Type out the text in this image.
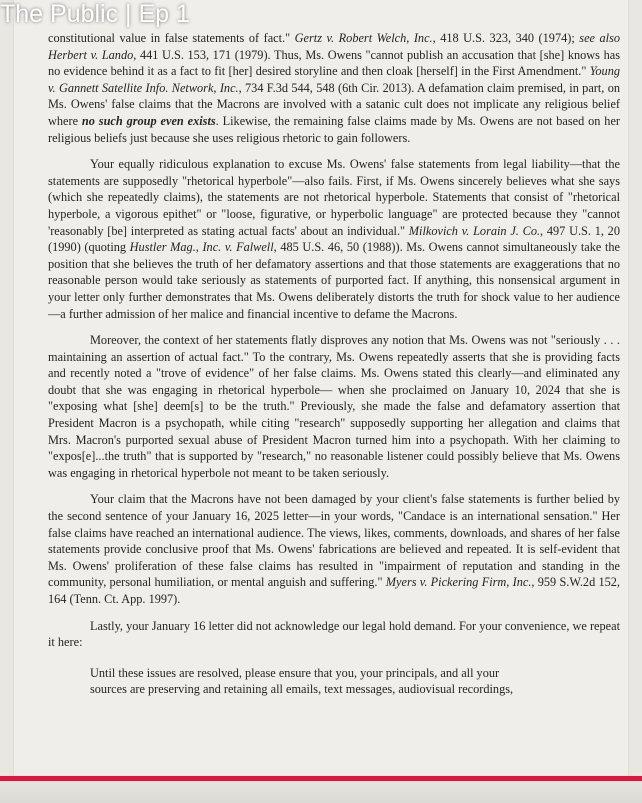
constitutional value in false statements of fact." Gertz v. Robert Welch, Inc., 418 U.S. 323, 340 (1974); see also Herbert v. Lando, 441 U.S. 153, 171 (1979). Thus, Ms. Owens "cannot publish an accusation that [she] knows has no evidence behind it as a fact to fit [her] desired storyline and then cloak [herself] in the First Amendment." Young v. Gannett Satellite Info. Network, Inc., 734 F.3d 544, 548 (6th Cir. 2013). A defamation claim premised, in part, on Ms. Owens' false claims that the Macrons are involved with a satanic cult does not implicate any religious belief where no such group even exists. Likewise, the remaining false claims made by Ms. Owens are not based on her religious beliefs just because she uses religious rhetoric to gain followers.

Your equally ridiculous explanation to excuse Ms. Owens' false statements from legal liability—that the statements are supposedly "rhetorical hyperbole"—also fails. First, if Ms. Owens sincerely believes what she says (which she repeatedly claims), the statements are not rhetorical hyperbole. Statements that consist of "rhetorical hyperbole, a vigorous epithet" or "loose, figurative, or hyperbolic language" are protected because they "cannot 'reasonably [be] interpreted as stating actual facts' about an individual." Milkovich v. Lorain J. Co., 497 U.S. 1, 20 (1990) (quoting Hustler Mag., Inc. v. Falwell, 485 U.S. 46, 50 (1988)). Ms. Owens cannot simultaneously take the position that she believes the truth of her defamatory assertions and that those statements are exaggerations that no reasonable person would take seriously as statements of purported fact. If anything, this nonsensical argument in your letter only further demonstrates that Ms. Owens deliberately distorts the truth for shock value to her audience—a further admission of her malice and financial incentive to defame the Macrons.

Moreover, the context of her statements flatly disproves any notion that Ms. Owens was not "seriously . . . maintaining an assertion of actual fact." To the contrary, Ms. Owens repeatedly asserts that she is providing facts and recently noted a "trove of evidence" of her false claims. Ms. Owens stated this clearly—and eliminated any doubt that she was engaging in rhetorical hyperbole— when she proclaimed on January 10, 2024 that she is "exposing what [she] deem[s] to be the truth." Previously, she made the false and defamatory assertion that President Macron is a psychopath, while citing "research" supposedly supporting her allegation and claims that Mrs. Macron's purported sexual abuse of President Macron turned him into a psychopath. With her claiming to "expos[e]...the truth" that is supported by "research," no reasonable listener could possibly believe that Ms. Owens was engaging in rhetorical hyperbole not meant to be taken seriously.

Your claim that the Macrons have not been damaged by your client's false statements is further belied by the second sentence of your January 16, 2025 letter—in your words, "Candace is an international sensation." Her false claims have reached an international audience. The views, likes, comments, downloads, and shares of her false statements provide conclusive proof that Ms. Owens' fabrications are believed and repeated. It is self-evident that Ms. Owens' proliferation of these false claims has resulted in "impairment of reputation and standing in the community, personal humiliation, or mental anguish and suffering." Myers v. Pickering Firm, Inc., 959 S.W.2d 152, 164 (Tenn. Ct. App. 1997).

Lastly, your January 16 letter did not acknowledge our legal hold demand. For your convenience, we repeat it here:

Until these issues are resolved, please ensure that you, your principals, and all your
sources are preserving and retaining all emails, text messages, audiovisual recordings,

The Public | Ep 1
